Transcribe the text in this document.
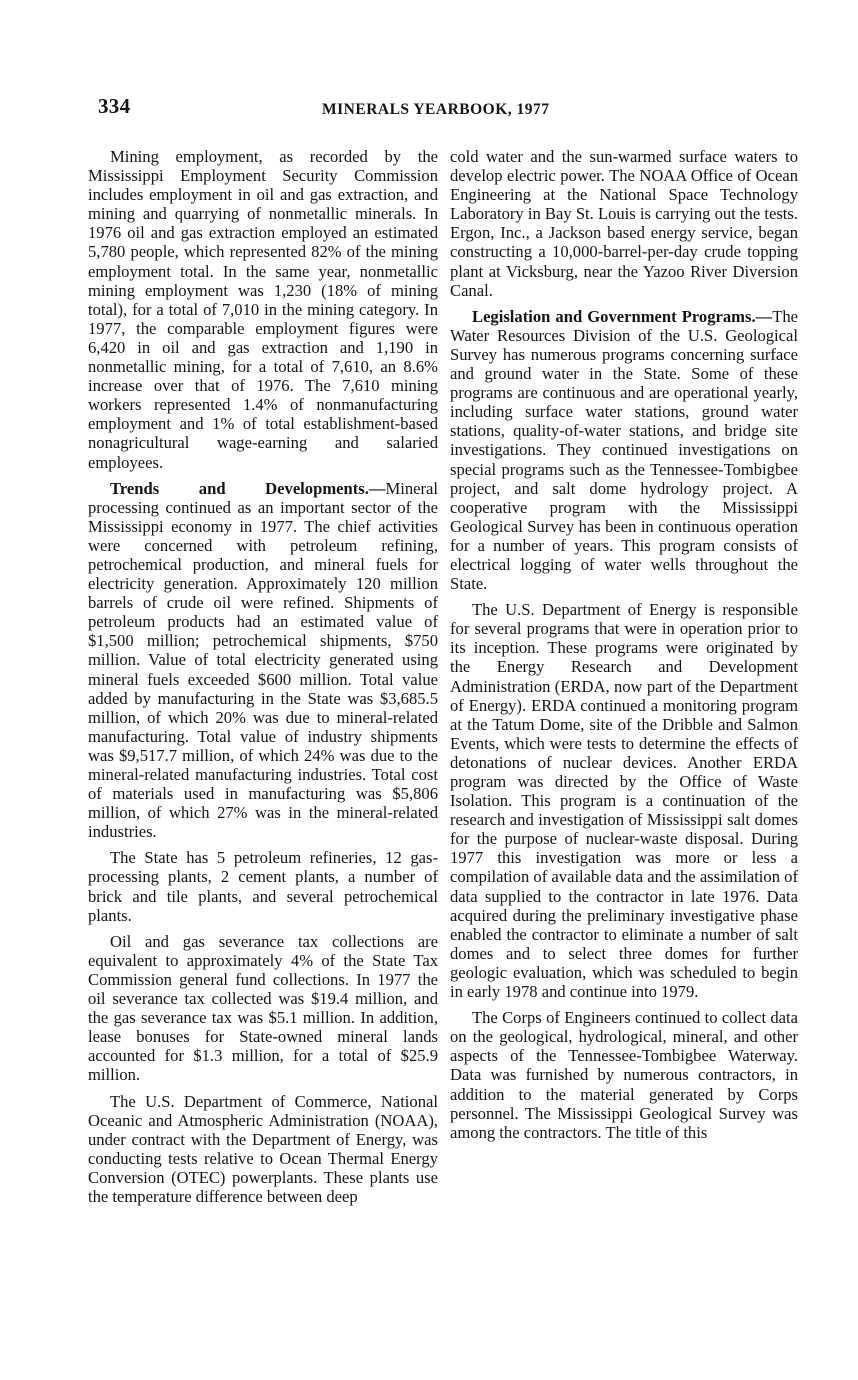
334	MINERALS YEARBOOK, 1977

Mining employment, as recorded by the Mississippi Employment Security Commission includes employment in oil and gas extraction, and mining and quarrying of nonmetallic minerals. In 1976 oil and gas extraction employed an estimated 5,780 people, which represented 82% of the mining employment total. In the same year, nonmetallic mining employment was 1,230 (18% of mining total), for a total of 7,010 in the mining category. In 1977, the comparable employment figures were 6,420 in oil and gas extraction and 1,190 in nonmetallic mining, for a total of 7,610, an 8.6% increase over that of 1976. The 7,610 mining workers represented 1.4% of nonmanufacturing employment and 1% of total establishment-based nonagricultural wage-earning and salaried employees.

Trends and Developments.—Mineral processing continued as an important sector of the Mississippi economy in 1977. The chief activities were concerned with petroleum refining, petrochemical production, and mineral fuels for electricity generation. Approximately 120 million barrels of crude oil were refined. Shipments of petroleum products had an estimated value of $1,500 million; petrochemical shipments, $750 million. Value of total electricity generated using mineral fuels exceeded $600 million. Total value added by manufacturing in the State was $3,685.5 million, of which 20% was due to mineral-related manufacturing. Total value of industry shipments was $9,517.7 million, of which 24% was due to the mineral-related manufacturing industries. Total cost of materials used in manufacturing was $5,806 million, of which 27% was in the mineral-related industries.

The State has 5 petroleum refineries, 12 gas-processing plants, 2 cement plants, a number of brick and tile plants, and several petrochemical plants.

Oil and gas severance tax collections are equivalent to approximately 4% of the State Tax Commission general fund collections. In 1977 the oil severance tax collected was $19.4 million, and the gas severance tax was $5.1 million. In addition, lease bonuses for State-owned mineral lands accounted for $1.3 million, for a total of $25.9 million.

The U.S. Department of Commerce, National Oceanic and Atmospheric Administration (NOAA), under contract with the Department of Energy, was conducting tests relative to Ocean Thermal Energy Conversion (OTEC) powerplants. These plants use the temperature difference between deep

cold water and the sun-warmed surface waters to develop electric power. The NOAA Office of Ocean Engineering at the National Space Technology Laboratory in Bay St. Louis is carrying out the tests. Ergon, Inc., a Jackson based energy service, began constructing a 10,000-barrel-per-day crude topping plant at Vicksburg, near the Yazoo River Diversion Canal.

Legislation and Government Programs.—The Water Resources Division of the U.S. Geological Survey has numerous programs concerning surface and ground water in the State. Some of these programs are continuous and are operational yearly, including surface water stations, ground water stations, quality-of-water stations, and bridge site investigations. They continued investigations on special programs such as the Tennessee-Tombigbee project, and salt dome hydrology project. A cooperative program with the Mississippi Geological Survey has been in continuous operation for a number of years. This program consists of electrical logging of water wells throughout the State.

The U.S. Department of Energy is responsible for several programs that were in operation prior to its inception. These programs were originated by the Energy Research and Development Administration (ERDA, now part of the Department of Energy). ERDA continued a monitoring program at the Tatum Dome, site of the Dribble and Salmon Events, which were tests to determine the effects of detonations of nuclear devices. Another ERDA program was directed by the Office of Waste Isolation. This program is a continuation of the research and investigation of Mississippi salt domes for the purpose of nuclear-waste disposal. During 1977 this investigation was more or less a compilation of available data and the assimilation of data supplied to the contractor in late 1976. Data acquired during the preliminary investigative phase enabled the contractor to eliminate a number of salt domes and to select three domes for further geologic evaluation, which was scheduled to begin in early 1978 and continue into 1979.

The Corps of Engineers continued to collect data on the geological, hydrological, mineral, and other aspects of the Tennessee-Tombigbee Waterway. Data was furnished by numerous contractors, in addition to the material generated by Corps personnel. The Mississippi Geological Survey was among the contractors. The title of this
